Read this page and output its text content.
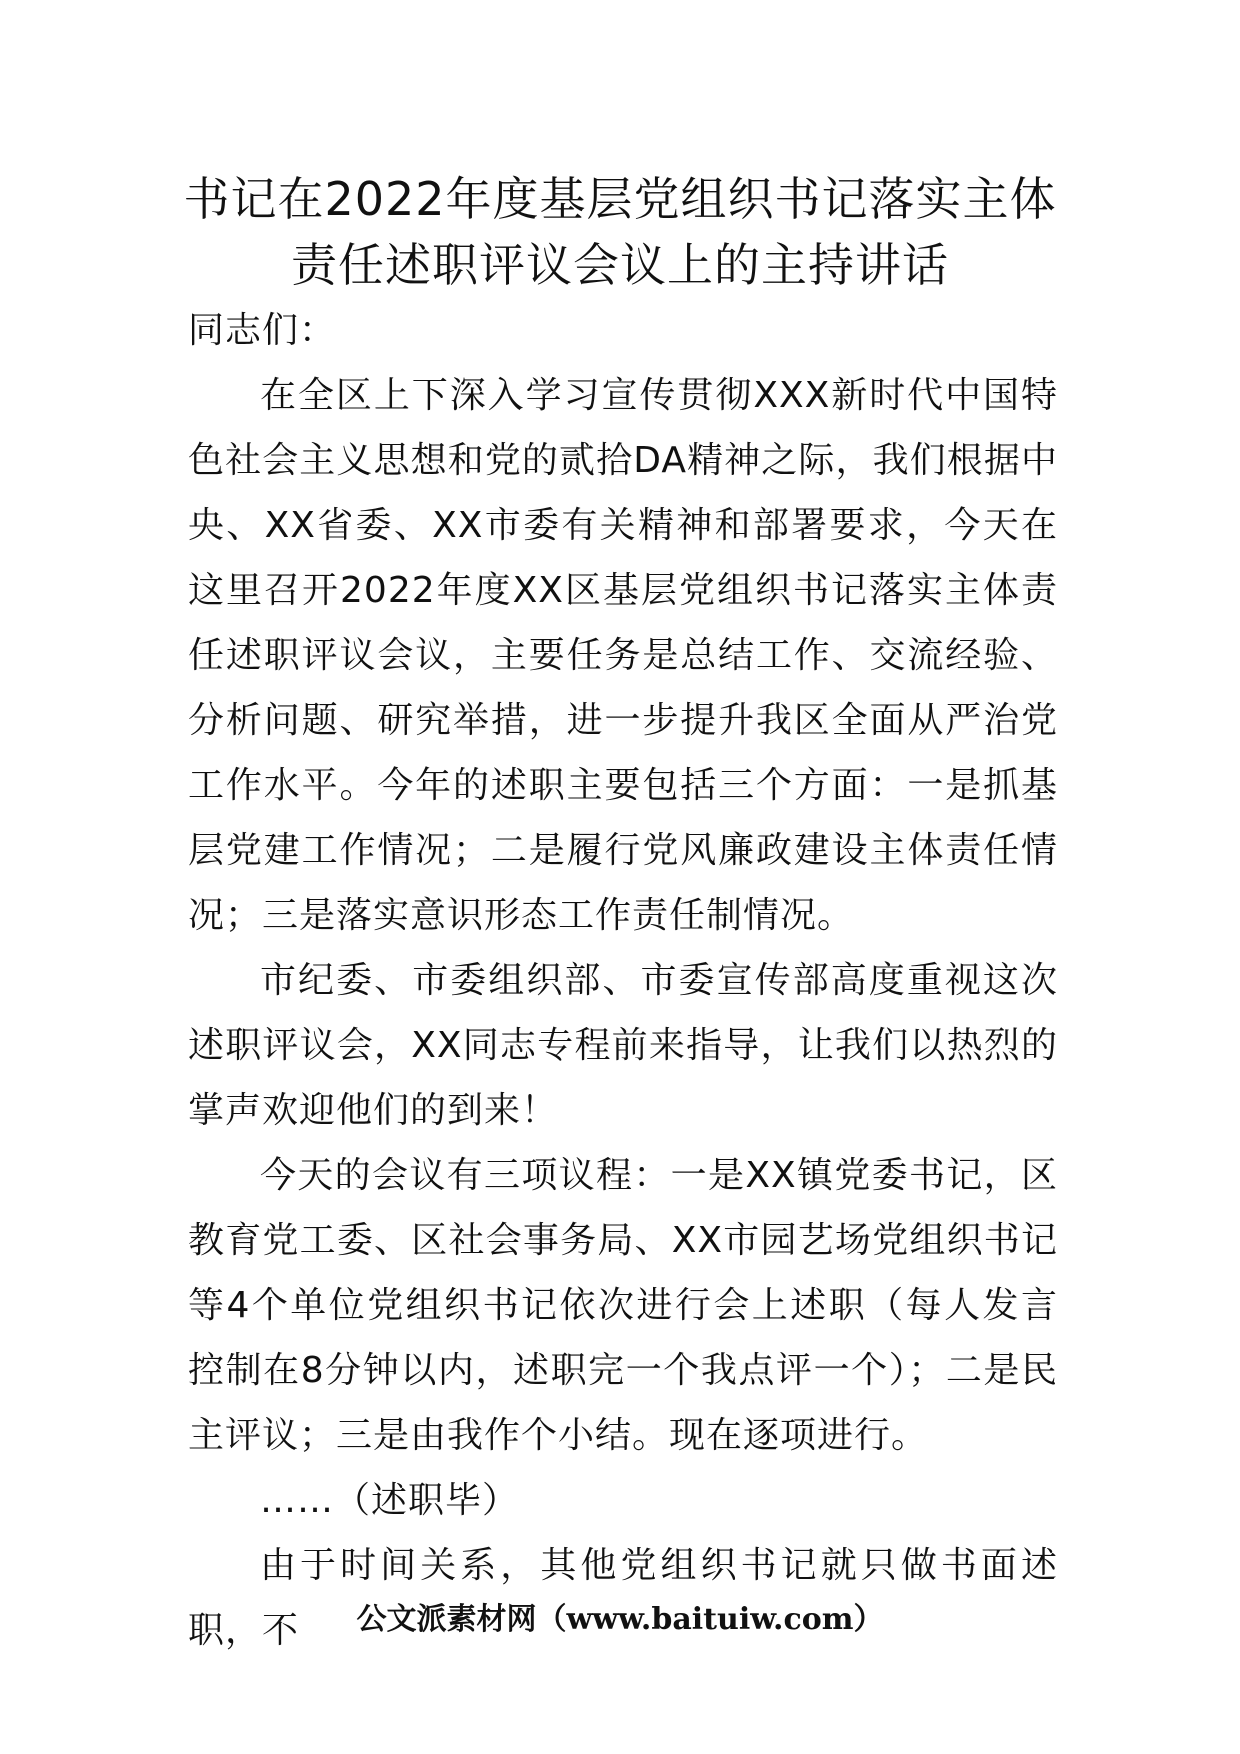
书记在2022年度基层党组织书记落实主体
责任述职评议会议上的主持讲话

同志们：

在全区上下深入学习宣传贯彻XXX新时代中国特色社会主义思想和党的贰拾DA精神之际，我们根据中央、XX省委、XX市委有关精神和部署要求，今天在这里召开2022年度XX区基层党组织书记落实主体责任述职评议会议，主要任务是总结工作、交流经验、分析问题、研究举措，进一步提升我区全面从严治党工作水平。今年的述职主要包括三个方面：一是抓基层党建工作情况；二是履行党风廉政建设主体责任情况；三是落实意识形态工作责任制情况。

市纪委、市委组织部、市委宣传部高度重视这次述职评议会，XX同志专程前来指导，让我们以热烈的掌声欢迎他们的到来！

今天的会议有三项议程：一是XX镇党委书记，区教育党工委、区社会事务局、XX市园艺场党组织书记等4个单位党组织书记依次进行会上述职（每人发言控制在8分钟以内，述职完一个我点评一个）；二是民主评议；三是由我作个小结。现在逐项进行。

……（述职毕）

由于时间关系，其他党组织书记就只做书面述职，不	公文派素材网（www.baituiw.com）
